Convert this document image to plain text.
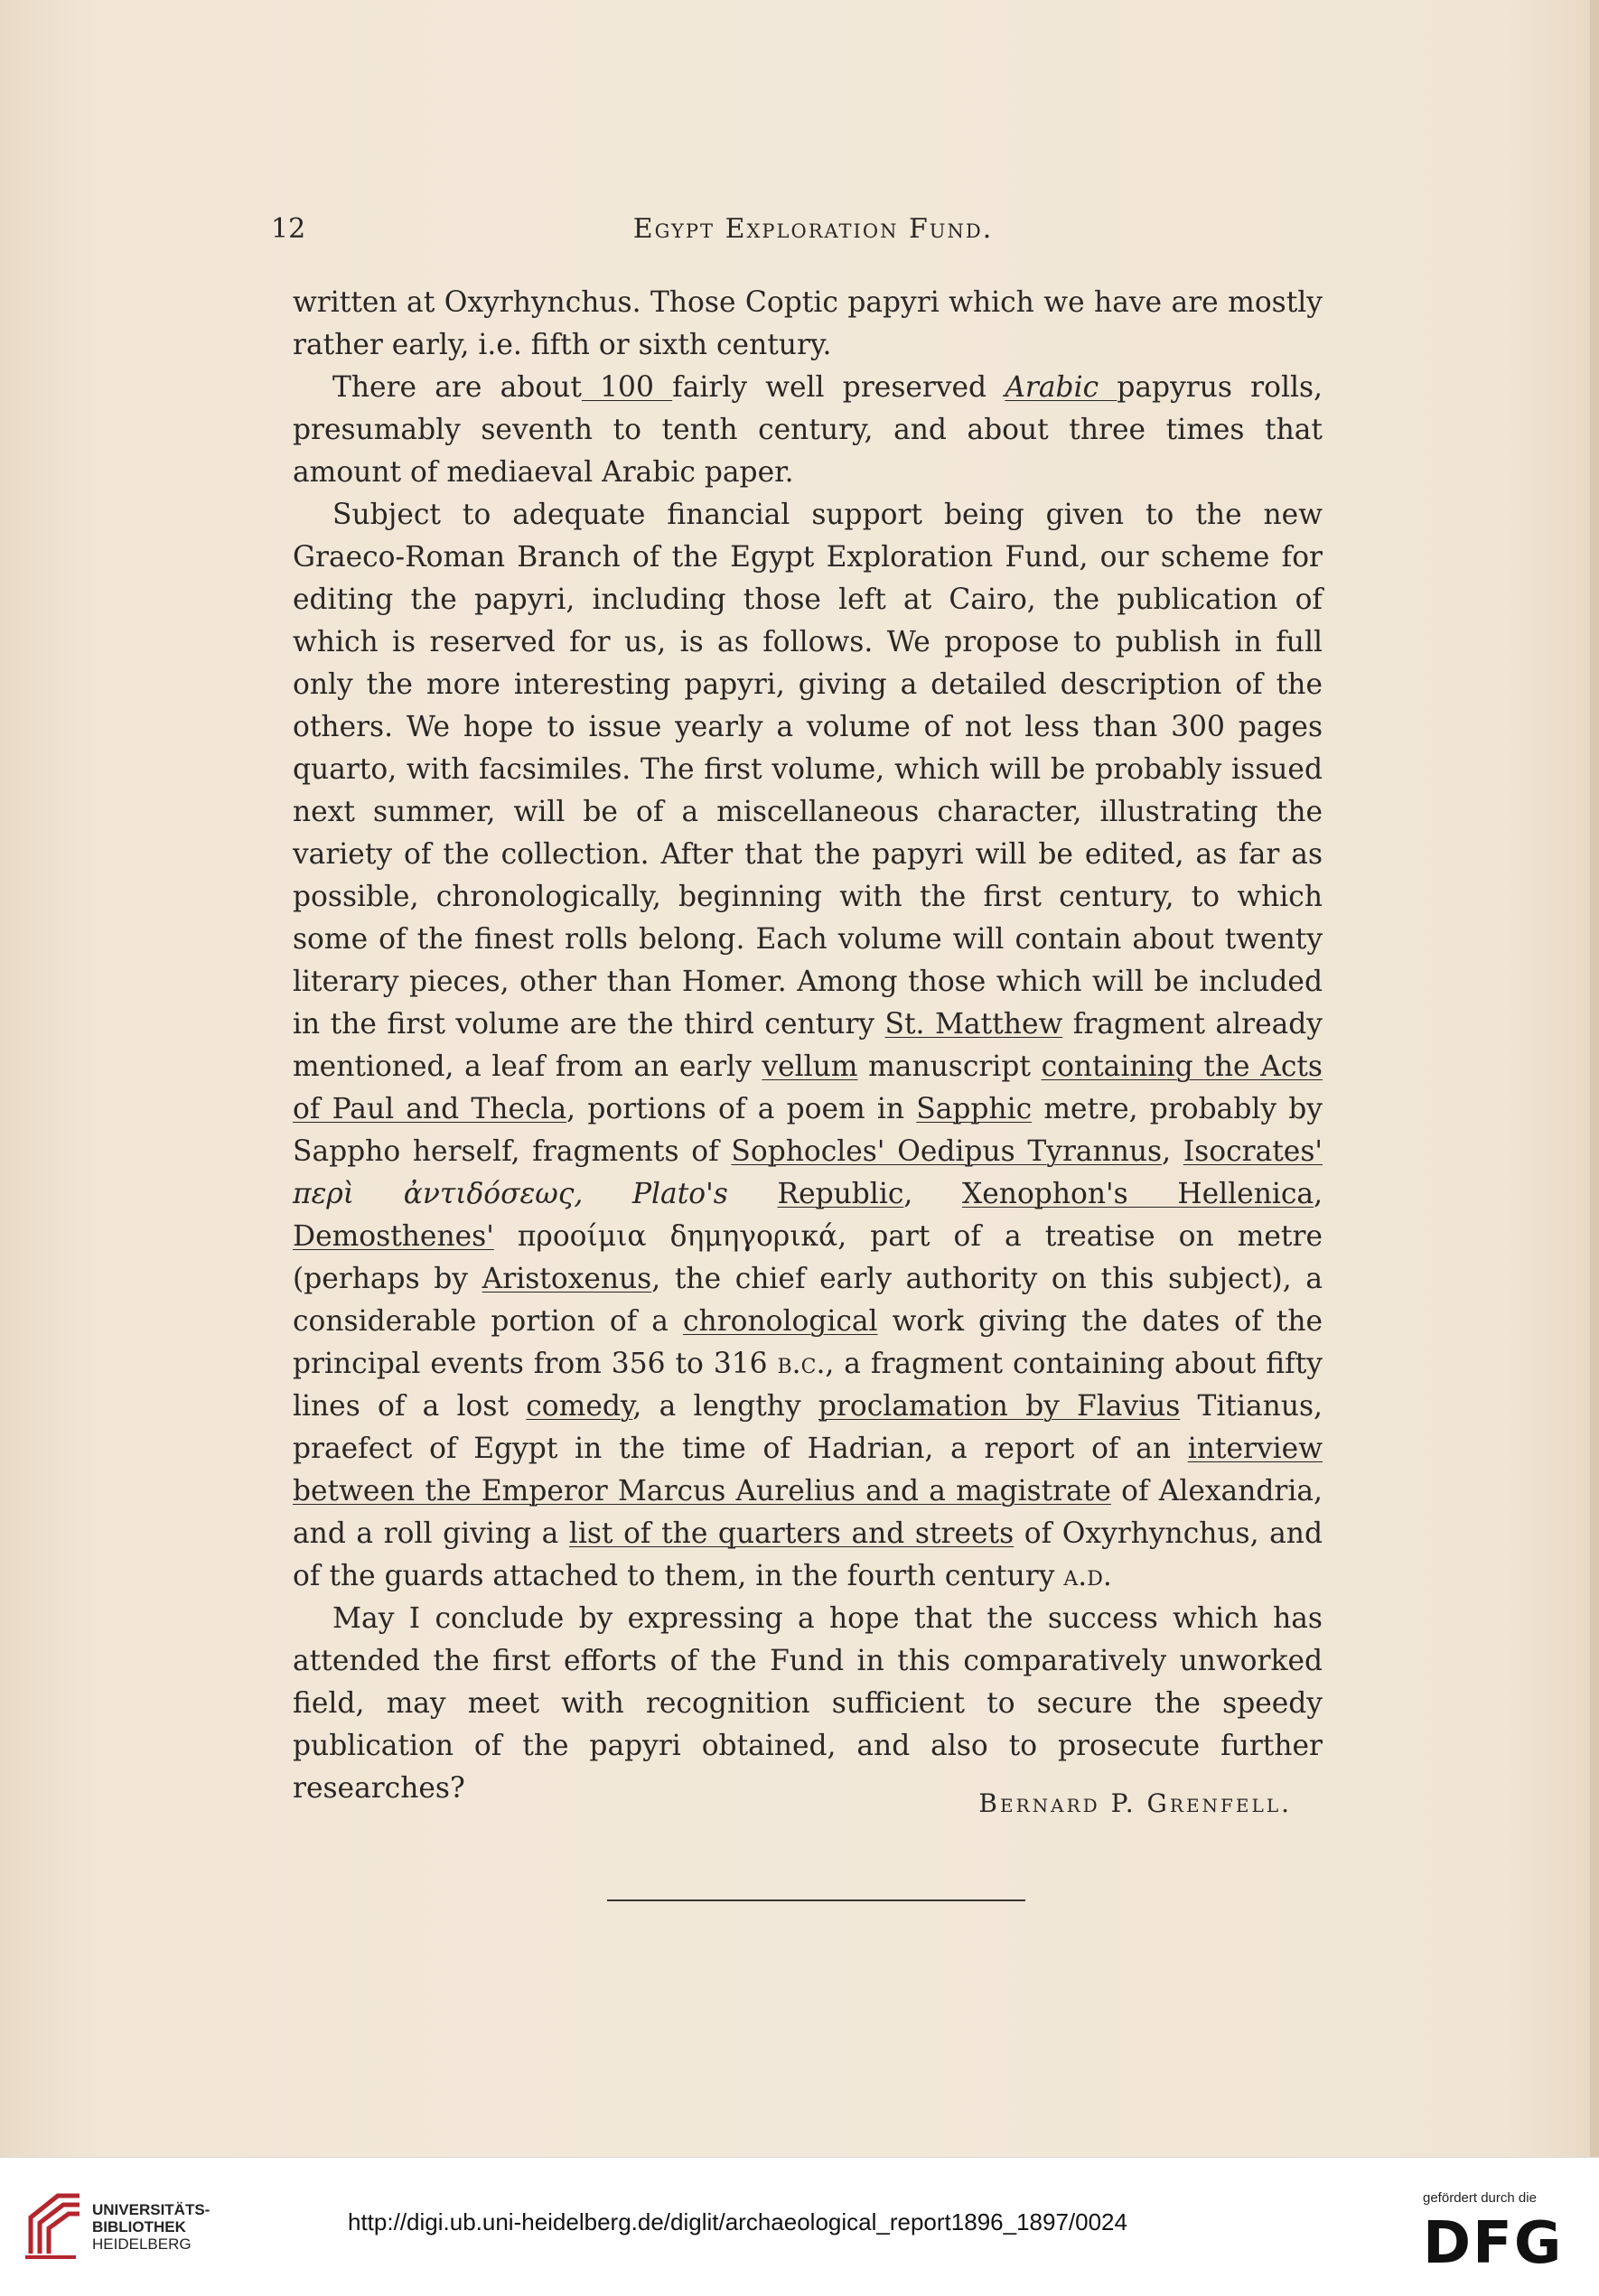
12	Egypt Exploration Fund.

written at Oxyrhynchus. Those Coptic papyri which we have are mostly rather early, i.e. fifth or sixth century.

There are about 100 fairly well preserved Arabic papyrus rolls, presumably seventh to tenth century, and about three times that amount of mediaeval Arabic paper.

Subject to adequate financial support being given to the new Graeco-Roman Branch of the Egypt Exploration Fund, our scheme for editing the papyri, including those left at Cairo, the publication of which is reserved for us, is as follows. We propose to publish in full only the more interesting papyri, giving a detailed description of the others. We hope to issue yearly a volume of not less than 300 pages quarto, with facsimiles. The first volume, which will be probably issued next summer, will be of a miscellaneous character, illustrating the variety of the collection. After that the papyri will be edited, as far as possible, chronologically, beginning with the first century, to which some of the finest rolls belong. Each volume will contain about twenty literary pieces, other than Homer. Among those which will be included in the first volume are the third century St. Matthew fragment already mentioned, a leaf from an early vellum manuscript containing the Acts of Paul and Thecla, portions of a poem in Sapphic metre, probably by Sappho herself, fragments of Sophocles' Oedipus Tyrannus, Isocrates' περὶ ἀντιδόσεως, Plato's Republic, Xenophon's Hellenica, Demosthenes' προοίμια δημηγορικά, part of a treatise on metre (perhaps by Aristoxenus, the chief early authority on this subject), a considerable portion of a chronological work giving the dates of the principal events from 356 to 316 b.c., a fragment containing about fifty lines of a lost comedy, a lengthy proclamation by Flavius Titianus, praefect of Egypt in the time of Hadrian, a report of an interview between the Emperor Marcus Aurelius and a magistrate of Alexandria, and a roll giving a list of the quarters and streets of Oxyrhynchus, and of the guards attached to them, in the fourth century a.d.

May I conclude by expressing a hope that the success which has attended the first efforts of the Fund in this comparatively unworked field, may meet with recognition sufficient to secure the speedy publication of the papyri obtained, and also to prosecute further researches?	Bernard P. Grenfell.
UNIVERSITÄTS-
BIBLIOTHEK
HEIDELBERG
http://digi.ub.uni-heidelberg.de/diglit/archaeological_report1896_1897/0024
gefördert durch die
DFG
